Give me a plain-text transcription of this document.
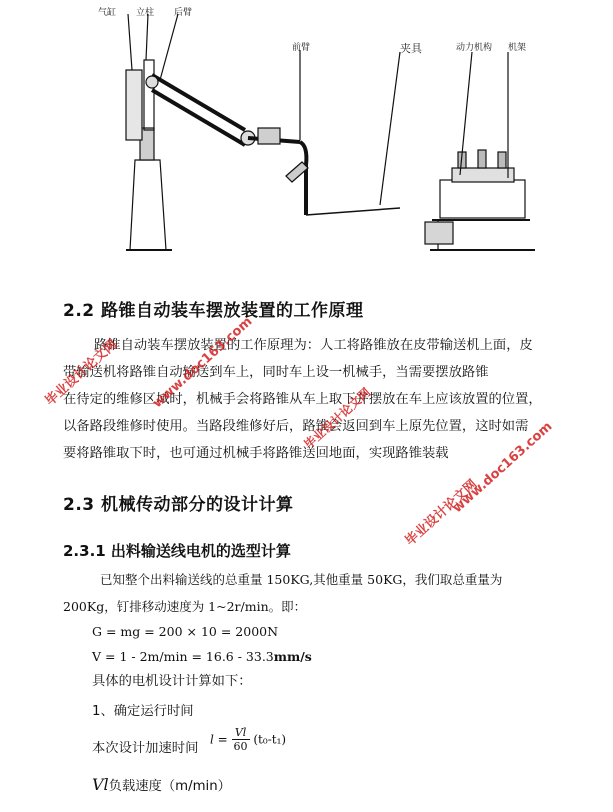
气缸 立柱 后臂
前臂	夹具	动力机构 机架
2.2 路锥自动装车摆放装置的工作原理
路锥自动装车摆放装置的工作原理为：人工将路锥放在皮带输送机上面，皮
带输送机将路锥自动输送到车上，同时车上设一机械手，当需要摆放路锥
在待定的维修区域时，机械手会将路锥从车上取下并摆放在车上应该放置的位置，
以备路段维修时使用。当路段维修好后，路锥会返回到车上原先位置，这时如需
要将路锥取下时，也可通过机械手将路锥送回地面，实现路锥装载
2.3 机械传动部分的设计计算
2.3.1 出料输送线电机的选型计算
已知整个出料输送线的总重量 150KG,其他重量 50KG，我们取总重量为
200Kg，钉排移动速度为 1~2r/min。即：
G = mg = 200 × 10 = 2000N
V = 1 - 2m/min = 16.6 - 33.3mm/s
具体的电机设计计算如下：
1、确定运行时间
本次设计加速时间
$l = \frac{Vl}{60} (t_0-t_1)$
Vl负载速度（m/min）
毕业设计论文网 www.doc163.com
毕业设计论文网
www.doc163.com
毕业设计论文网
